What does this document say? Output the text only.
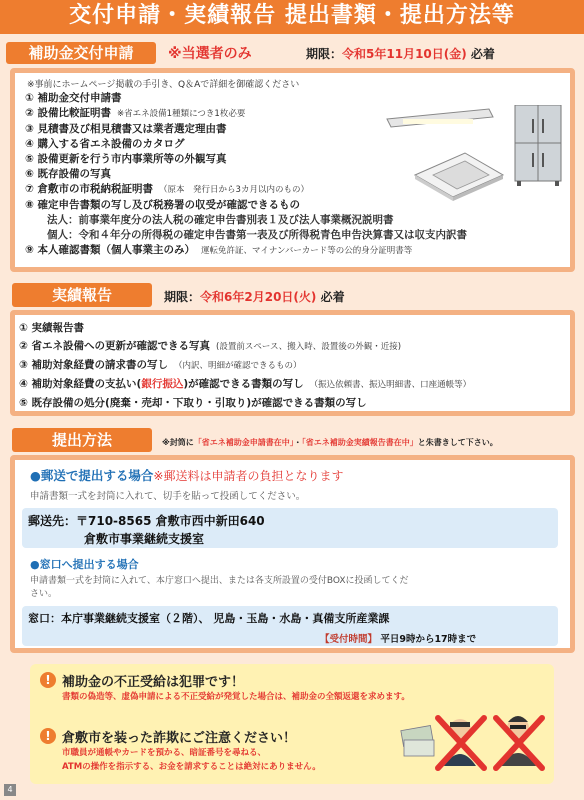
交付申請・実績報告 提出書類・提出方法等
補助金交付申請	※当選者のみ	期限：令和5年11月10日(金) 必着
※事前にホームページ掲載の手引き、Q＆Aで詳細を御確認ください
① 補助金交付申請書
② 設備比較証明書 ※省エネ設備1種類につき1枚必要
③ 見積書及び相見積書又は業者選定理由書
④ 購入する省エネ設備のカタログ
⑤ 設備更新を行う市内事業所等の外観写真
⑥ 既存設備の写真
⑦ 倉敷市の市税納税証明書 （原本　発行日から3カ月以内のもの）
⑧ 確定申告書類の写し及び税務署の収受が確認できるもの
法人：前事業年度分の法人税の確定申告書別表１及び法人事業概況説明書
個人：令和４年分の所得税の確定申告書第一表及び所得税青色申告決算書又は収支内訳書
⑨ 本人確認書類（個人事業主のみ） 運転免許証、マイナンバーカード等の公的身分証明書等
実績報告	期限：令和6年2月20日(火) 必着
① 実績報告書
② 省エネ設備への更新が確認できる写真 (設置前スペース、搬入時、設置後の外観・近接)
③ 補助対象経費の請求書の写し （内訳、明細が確認できるもの）
④ 補助対象経費の支払い(銀行振込)が確認できる書類の写し （振込依頼書、振込明細書、口座通帳等）
⑤ 既存設備の処分(廃棄・売却・下取り・引取り)が確認できる書類の写し
提出方法	※封筒に「省エネ補助金申請書在中」・「省エネ補助金実績報告書在中」と朱書きして下さい。
●郵送で提出する場合※郵送料は申請者の負担となります
申請書類一式を封筒に入れて、切手を貼って投函してください。
郵送先：〒710-8565 倉敷市西中新田640
倉敷市事業継続支援室
●窓口へ提出する場合
申請書類一式を封筒に入れて、本庁窓口へ提出、または各支所設置の受付BOXに投函してくだ
さい。
窓口：本庁事業継続支援室（２階）、 児島・玉島・水島・真備支所産業課
【受付時間】 平日9時から17時まで
! 補助金の不正受給は犯罪です！
書類の偽造等、虚偽申請による不正受給が発覚した場合は、補助金の全額返還を求めます。
! 倉敷市を装った詐欺にご注意ください！
市職員が通帳やカードを預かる、暗証番号を尋ねる、
ATMの操作を指示する、お金を請求することは絶対にありません。
4
